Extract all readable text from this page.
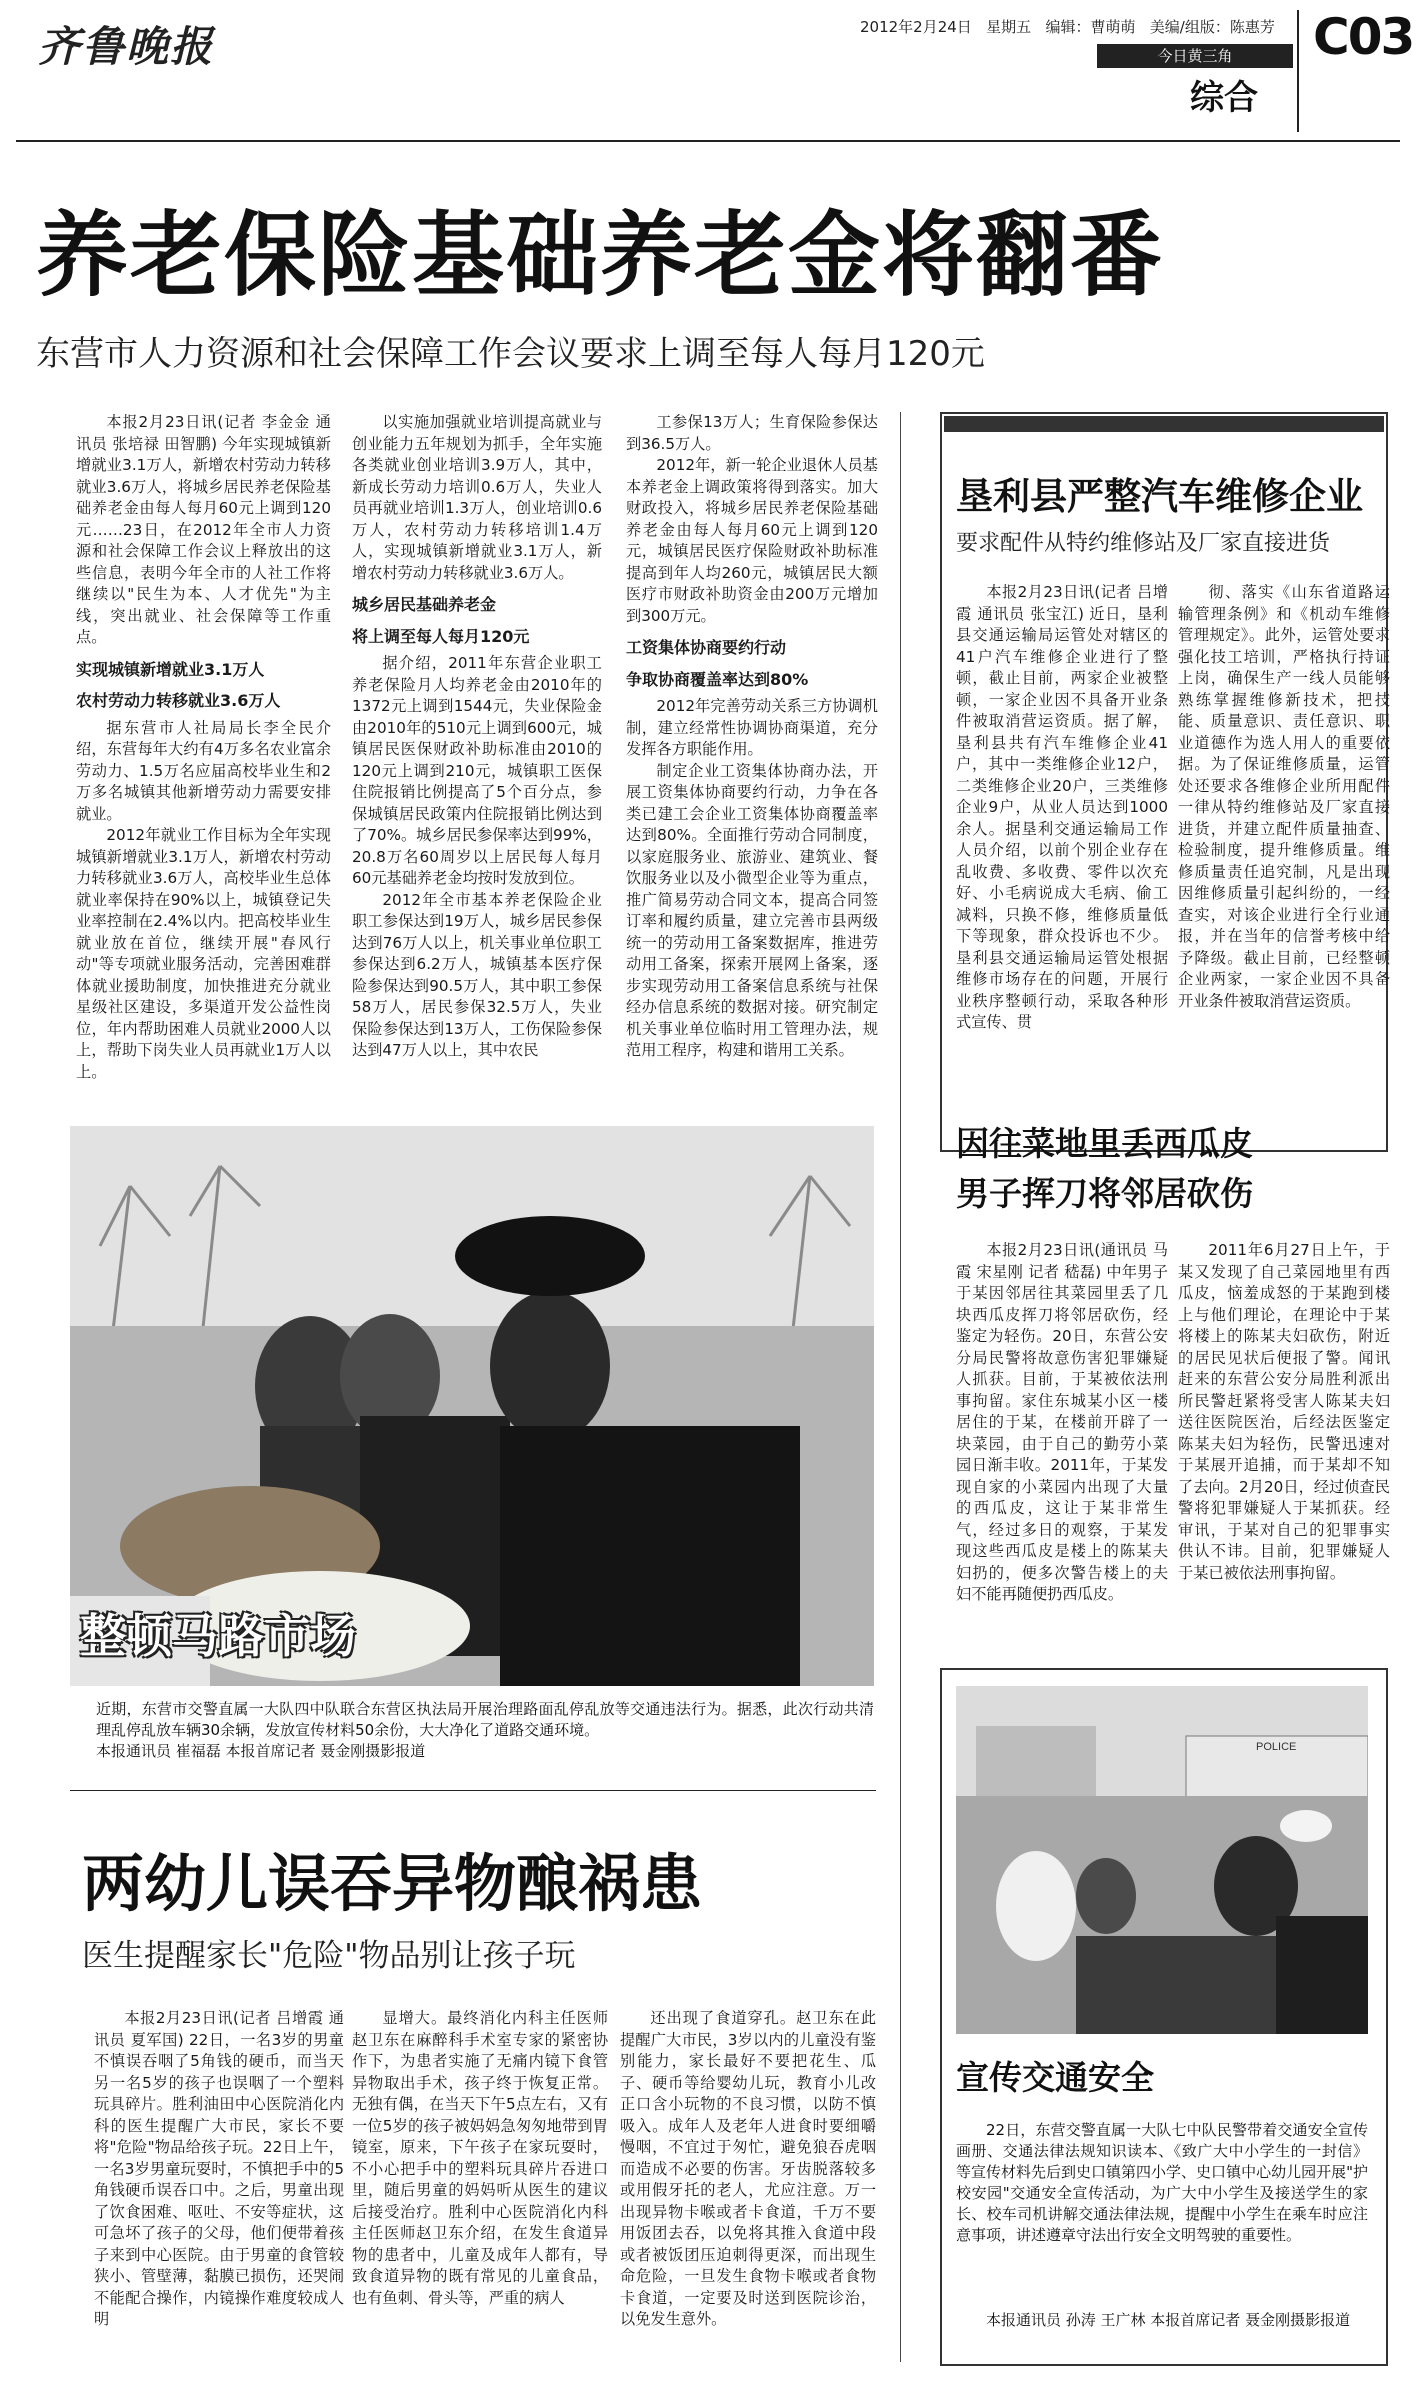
齐鲁晚报	2012年2月24日 星期五 编辑：曹萌萌 美编/组版：陈惠芳
今日黄三角
综合
C03
养老保险基础养老金将翻番
东营市人力资源和社会保障工作会议要求上调至每人每月120元

本报2月23日讯(记者 李金金 通讯员 张培禄 田智鹏) 今年实现城镇新增就业3.1万人，新增农村劳动力转移就业3.6万人，将城乡居民养老保险基础养老金由每人每月60元上调到120元……23日，在2012年全市人力资源和社会保障工作会议上释放出的这些信息，表明今年全市的人社工作将继续以"民生为本、人才优先"为主线，突出就业、社会保障等工作重点。

实现城镇新增就业3.1万人

农村劳动力转移就业3.6万人

据东营市人社局局长李全民介绍，东营每年大约有4万多名农业富余劳动力、1.5万名应届高校毕业生和2万多名城镇其他新增劳动力需要安排就业。

2012年就业工作目标为全年实现城镇新增就业3.1万人，新增农村劳动力转移就业3.6万人，高校毕业生总体就业率保持在90%以上，城镇登记失业率控制在2.4%以内。把高校毕业生就业放在首位，继续开展"春风行动"等专项就业服务活动，完善困难群体就业援助制度，加快推进充分就业星级社区建设，多渠道开发公益性岗位，年内帮助困难人员就业2000人以上，帮助下岗失业人员再就业1万人以上。

以实施加强就业培训提高就业与创业能力五年规划为抓手，全年实施各类就业创业培训3.9万人，其中，新成长劳动力培训0.6万人，失业人员再就业培训1.3万人，创业培训0.6万人，农村劳动力转移培训1.4万人，实现城镇新增就业3.1万人，新增农村劳动力转移就业3.6万人。

城乡居民基础养老金

将上调至每人每月120元

据介绍，2011年东营企业职工养老保险月人均养老金由2010年的1372元上调到1544元，失业保险金由2010年的510元上调到600元，城镇居民医保财政补助标准由2010的120元上调到210元，城镇职工医保住院报销比例提高了5个百分点，参保城镇居民政策内住院报销比例达到了70%。城乡居民参保率达到99%，20.8万名60周岁以上居民每人每月60元基础养老金均按时发放到位。

2012年全市基本养老保险企业职工参保达到19万人，城乡居民参保达到76万人以上，机关事业单位职工参保达到6.2万人，城镇基本医疗保险参保达到90.5万人，其中职工参保58万人，居民参保32.5万人，失业保险参保达到13万人，工伤保险参保达到47万人以上，其中农民

工参保13万人；生育保险参保达到36.5万人。

2012年，新一轮企业退休人员基本养老金上调政策将得到落实。加大财政投入，将城乡居民养老保险基础养老金由每人每月60元上调到120元，城镇居民医疗保险财政补助标准提高到年人均260元，城镇居民大额医疗市财政补助资金由200万元增加到300万元。

工资集体协商要约行动

争取协商覆盖率达到80%

2012年完善劳动关系三方协调机制，建立经常性协调协商渠道，充分发挥各方职能作用。

制定企业工资集体协商办法，开展工资集体协商要约行动，力争在各类已建工会企业工资集体协商覆盖率达到80%。全面推行劳动合同制度，以家庭服务业、旅游业、建筑业、餐饮服务业以及小微型企业等为重点，推广简易劳动合同文本，提高合同签订率和履约质量，建立完善市县两级统一的劳动用工备案数据库，推进劳动用工备案，探索开展网上备案，逐步实现劳动用工备案信息系统与社保经办信息系统的数据对接。研究制定机关事业单位临时用工管理办法，规范用工程序，构建和谐用工关系。

整顿马路市场
近期，东营市交警直属一大队四中队联合东营区执法局开展治理路面乱停乱放等交通违法行为。据悉，此次行动共清理乱停乱放车辆30余辆，发放宣传材料50余份，大大净化了道路交通环境。
本报通讯员 崔福磊 本报首席记者 聂金刚摄影报道
两幼儿误吞异物酿祸患
医生提醒家长"危险"物品别让孩子玩

本报2月23日讯(记者 吕增霞 通讯员 夏军国) 22日，一名3岁的男童不慎误吞咽了5角钱的硬币，而当天另一名5岁的孩子也误咽了一个塑料玩具碎片。胜利油田中心医院消化内科的医生提醒广大市民，家长不要将"危险"物品给孩子玩。22日上午，一名3岁男童玩耍时，不慎把手中的5角钱硬币误吞口中。之后，男童出现了饮食困难、呕吐、不安等症状，这可急坏了孩子的父母，他们便带着孩子来到中心医院。由于男童的食管较狭小、管壁薄，黏膜已损伤，还哭闹不能配合操作，内镜操作难度较成人明

显增大。最终消化内科主任医师赵卫东在麻醉科手术室专家的紧密协作下，为患者实施了无痛内镜下食管异物取出手术，孩子终于恢复正常。无独有偶，在当天下午5点左右，又有一位5岁的孩子被妈妈急匆匆地带到胃镜室，原来，下午孩子在家玩耍时，不小心把手中的塑料玩具碎片吞进口里，随后男童的妈妈听从医生的建议后接受治疗。胜利中心医院消化内科主任医师赵卫东介绍，在发生食道异物的患者中，儿童及成年人都有，导致食道异物的既有常见的儿童食品，也有鱼刺、骨头等，严重的病人

还出现了食道穿孔。赵卫东在此提醒广大市民，3岁以内的儿童没有鉴别能力，家长最好不要把花生、瓜子、硬币等给婴幼儿玩，教育小儿改正口含小玩物的不良习惯，以防不慎吸入。成年人及老年人进食时要细嚼慢咽，不宜过于匆忙，避免狼吞虎咽而造成不必要的伤害。牙齿脱落较多或用假牙托的老人，尤应注意。万一出现异物卡喉或者卡食道，千万不要用饭团去吞，以免将其推入食道中段或者被饭团压迫刺得更深，而出现生命危险，一旦发生食物卡喉或者食物卡食道，一定要及时送到医院诊治，以免发生意外。

垦利县严整汽车维修企业
要求配件从特约维修站及厂家直接进货

本报2月23日讯(记者 吕增霞 通讯员 张宝江) 近日，垦利县交通运输局运管处对辖区的41户汽车维修企业进行了整顿，截止目前，两家企业被整顿，一家企业因不具备开业条件被取消营运资质。据了解，垦利县共有汽车维修企业41户，其中一类维修企业12户，二类维修企业20户，三类维修企业9户，从业人员达到1000余人。据垦利交通运输局工作人员介绍，以前个别企业存在乱收费、多收费、零件以次充好、小毛病说成大毛病、偷工减料，只换不修，维修质量低下等现象，群众投诉也不少。垦利县交通运输局运管处根据维修市场存在的问题，开展行业秩序整顿行动，采取各种形式宣传、贯

彻、落实《山东省道路运输管理条例》和《机动车维修管理规定》。此外，运管处要求强化技工培训，严格执行持证上岗，确保生产一线人员能够熟练掌握维修新技术，把技能、质量意识、责任意识、职业道德作为选人用人的重要依据。为了保证维修质量，运管处还要求各维修企业所用配件一律从特约维修站及厂家直接进货，并建立配件质量抽查、检验制度，提升维修质量。维修质量责任追究制，凡是出现因维修质量引起纠纷的，一经查实，对该企业进行全行业通报，并在当年的信誉考核中给予降级。截止目前，已经整顿企业两家，一家企业因不具备开业条件被取消营运资质。

因往菜地里丢西瓜皮
男子挥刀将邻居砍伤

本报2月23日讯(通讯员 马霞 宋星刚 记者 嵇磊) 中年男子于某因邻居往其菜园里丢了几块西瓜皮挥刀将邻居砍伤，经鉴定为轻伤。20日，东营公安分局民警将故意伤害犯罪嫌疑人抓获。目前，于某被依法刑事拘留。家住东城某小区一楼居住的于某，在楼前开辟了一块菜园，由于自己的勤劳小菜园日渐丰收。2011年，于某发现自家的小菜园内出现了大量的西瓜皮，这让于某非常生气，经过多日的观察，于某发现这些西瓜皮是楼上的陈某夫妇扔的，便多次警告楼上的夫妇不能再随便扔西瓜皮。

2011年6月27日上午，于某又发现了自己菜园地里有西瓜皮，恼羞成怒的于某跑到楼上与他们理论，在理论中于某将楼上的陈某夫妇砍伤，附近的居民见状后便报了警。闻讯赶来的东营公安分局胜利派出所民警赶紧将受害人陈某夫妇送往医院医治，后经法医鉴定陈某夫妇为轻伤，民警迅速对于某展开追捕，而于某却不知了去向。2月20日，经过侦查民警将犯罪嫌疑人于某抓获。经审讯，于某对自己的犯罪事实供认不讳。目前，犯罪嫌疑人于某已被依法刑事拘留。

POLICE
宣传交通安全
22日，东营交警直属一大队七中队民警带着交通安全宣传画册、交通法律法规知识读本、《致广大中小学生的一封信》等宣传材料先后到史口镇第四小学、史口镇中心幼儿园开展"护校安园"交通安全宣传活动，为广大中小学生及接送学生的家长、校车司机讲解交通法律法规，提醒中小学生在乘车时应注意事项，讲述遵章守法出行安全文明驾驶的重要性。
本报通讯员 孙涛 王广林 本报首席记者 聂金刚摄影报道
